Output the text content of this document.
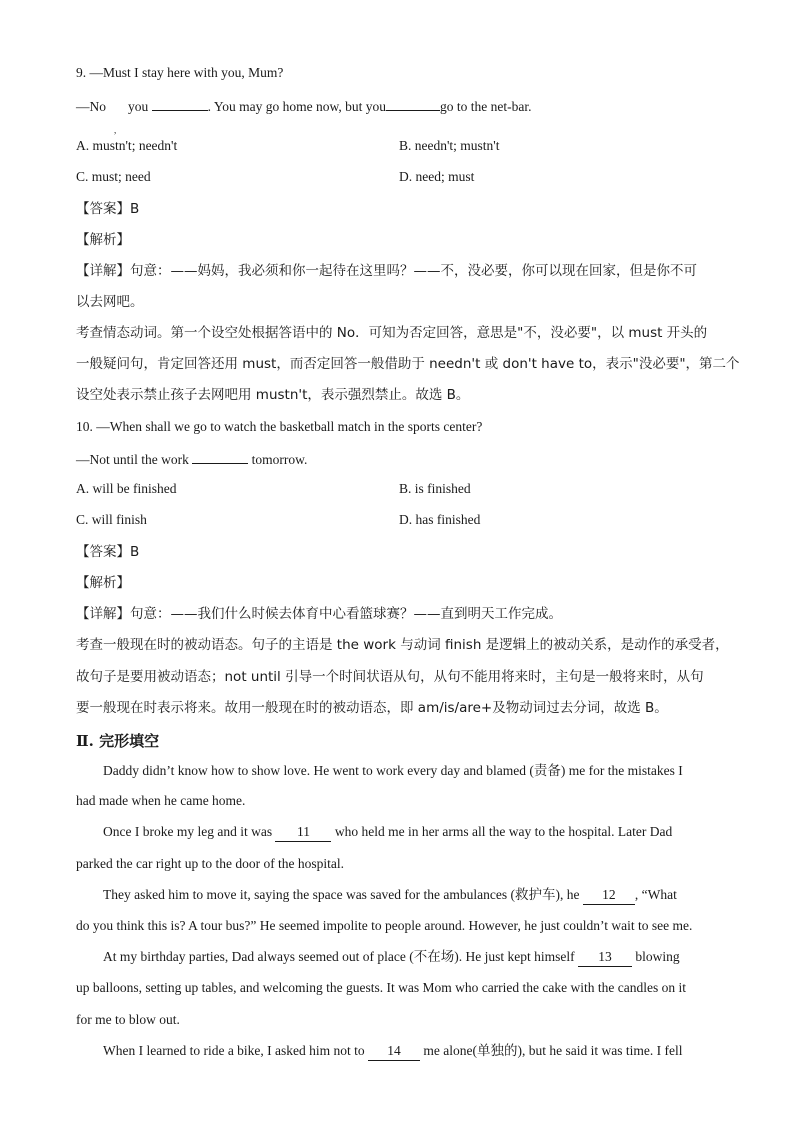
9. —Must I stay here with you, Mum?
—No
,
you	. You may go home now, but you	go to the net-bar.
A. mustn't; needn't	B. needn't; mustn't
C. must; need	D. need; must
【答案】B
【解析】
【详解】句意：——妈妈，我必须和你一起待在这里吗？——不，没必要，你可以现在回家，但是你不可
以去网吧。
考查情态动词。第一个设空处根据答语中的 No．可知为否定回答，意思是"不，没必要"，以 must 开头的
一般疑问句，肯定回答还用 must，而否定回答一般借助于 needn't 或 don't have to，表示"没必要"，第二个
设空处表示禁止孩子去网吧用 mustn't，表示强烈禁止。故选 B。
10. —When shall we go to watch the basketball match in the sports center?
—Not until the work	tomorrow.
A. will be finished	B. is finished
C. will finish	D. has finished
【答案】B
【解析】
【详解】句意：——我们什么时候去体育中心看篮球赛？——直到明天工作完成。
考查一般现在时的被动语态。句子的主语是 the work 与动词 finish 是逻辑上的被动关系，是动作的承受者，
故句子是要用被动语态；not until 引导一个时间状语从句，从句不能用将来时，主句是一般将来时，从句
要一般现在时表示将来。故用一般现在时的被动语态，即 am/is/are+及物动词过去分词，故选 B。
Ⅱ. 完形填空
Daddy didn’t know how to show love. He went to work every day and blamed (责备) me for the mistakes I
had made when he came home.
Once I broke my leg and it was 11 who held me in her arms all the way to the hospital. Later Dad
parked the car right up to the door of the hospital.
They asked him to move it, saying the space was saved for the ambulances (救护车), he 12 , “What
do you think this is? A tour bus?” He seemed impolite to people around. However, he just couldn’t wait to see me.
At my birthday parties, Dad always seemed out of place (不在场). He just kept himself 13 blowing
up balloons, setting up tables, and welcoming the guests. It was Mom who carried the cake with the candles on it
for me to blow out.
When I learned to ride a bike, I asked him not to 14 me alone(单独的), but he said it was time. I fell
